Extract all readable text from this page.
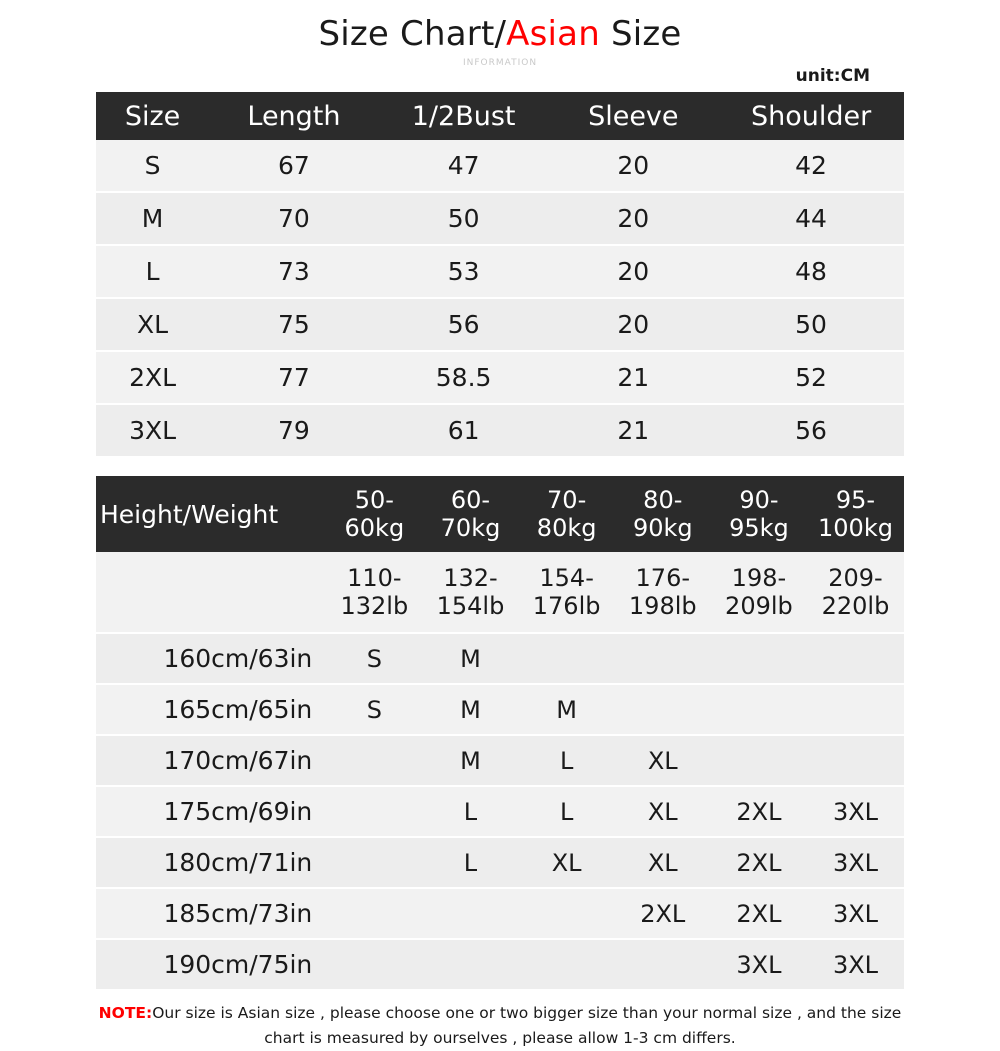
Size Chart/Asian Size
INFORMATION
unit:CM
Size	Length	1/2Bust	Sleeve	Shoulder
S	67	47	20	42
M	70	50	20	44
L	73	53	20	48
XL	75	56	20	50
2XL	77	58.5	21	52
3XL	79	61	21	56
Height/Weight	50-60kg	60-70kg	70-80kg	80-90kg	90-95kg	95-100kg
	110-132lb	132-154lb	154-176lb	176-198lb	198-209lb	209-220lb
160cm/63in	S	M				
165cm/65in	S	M	M			
170cm/67in		M	L	XL		
175cm/69in		L	L	XL	2XL	3XL
180cm/71in		L	XL	XL	2XL	3XL
185cm/73in				2XL	2XL	3XL
190cm/75in					3XL	3XL
NOTE:Our size is Asian size , please choose one or two bigger size than your normal size , and the size chart is measured by ourselves , please allow 1-3 cm differs.
